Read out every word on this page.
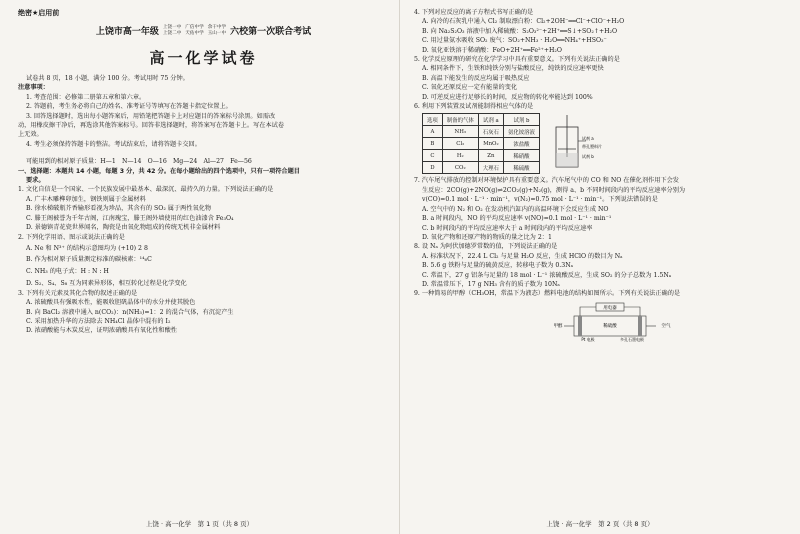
绝密★启用前
上饶市高一年级 上饶一中 广信中学 余干中学
上饶二中 天佑中学 玉山一中 六校第一次联合考试
高一化学试卷
试卷共 8 页，18 小题，满分 100 分。考试用时 75 分钟。
注意事项：
1. 考查范围：必修第二册第五章和第六章。
2. 答题前，考生务必将自己的姓名、准考证号等填写在答题卡指定位置上。
3. 回答选择题时，选出每小题答案后，用铅笔把答题卡上对应题目的答案标号涂黑。如需改
动，用橡皮擦干净后，再选涂其他答案标号。回答非选择题时，将答案写在答题卡上。写在本试卷
上无效。
4. 考生必须保持答题卡的整洁。考试结束后，请将答题卡交回。
可能用到的相对原子质量：H—1　N—14　O—16　Mg—24　Al—27　Fe—56
一、选择题：本题共 14 小题，每题 3 分，共 42 分。在每小题给出的四个选项中，只有一项符合题目
要求。
1. 文化自信是一个国家、一个民族发展中最基本、最深沉、最持久的力量。下列说法正确的是
A. 广丰木雕榫卯加生，钢铁则属于金属材料
B. 徐水梯破瓶芥香输形看视为珍品，其含有的 SO₂ 属于两性氧化物
C. 滕王阁被誉为千年古阁，江南瑰宝，滕王阁外墙使用的红色油漆含 Fe₃O₄
D. 景德镇青花瓷世界闻名，陶瓷是由氧化物组成的传统无机非金属材料
2. 下列化学用语、图示或说法正确的是
A. Ne 和 N³⁺ 的结构示意图均为 (+10) 2 8
B. 作为相对原子质量测定标准的碳核素：¹⁴₆C
C. NH₃ 的电子式：H : N : H
D. S₂、S₄、S₈ 互为同素异形体，相互转化过程是化学变化
3. 下列有关元素及其化合物的叙述正确的是
A. 浓硫酸具有强吸水性，能吸收胆矾晶体中的水分并使其脱色
B. 向 BaCl₂ 溶液中通入 n(CO₂)：n(NH₃)=1：2 的混合气体，有沉淀产生
C. 采用加热升华的方法除去 NH₄Cl 晶体中混有的 I₂
D. 浓硝酸能与木炭反应，证明浓硝酸具有氧化性和酸性
上饶 · 高一化学　第 1 页（共 8 页）
4. 下列对应反应的离子方程式书写正确的是
A. 向冷的石灰乳中通入 Cl₂ 制取漂白粉：Cl₂+2OH⁻══Cl⁻+ClO⁻+H₂O
B. 向 Na₂S₂O₃ 溶液中加入稀硫酸：S₂O₃²⁻+2H⁺══S↓+SO₂↑+H₂O
C. 用过量氨水吸收 SO₂ 废气：SO₂+NH₃ · H₂O══NH₄⁺+HSO₃⁻
D. 氧化亚铁溶于稀硝酸：FeO+2H⁺══Fe²⁺+H₂O
5. 化学反应原理的研究在化学学习中具有重要意义。下列有关说法正确的是
A. 相同条件下，生铁和纯铁分别与盐酸反应，纯铁的反应速率更快
B. 高温下能发生的反应均属于吸热反应
C. 氧化还原反应一定有能量的变化
D. 可逆反应进行足够长的时间，反应物的转化率能达到 100%
6. 利用下列装置及试剂能制得相应气体的是
选项	制备的气体	试剂 a	试剂 b
A	NH₃	石灰石	氨化铵溶液
B	Cl₂	MnO₂	浓盐酸
C	H₂	Zn	稀硝酸
D	CO₂	大理石	稀硫酸
试剂 a
带孔塑料片
试剂 b
7. 汽车尾气排放的控制对环境保护具有重要意义。汽车尾气中的 CO 和 NO 在催化剂作用下会发
生反应：2CO(g)+2NO(g)⇌2CO₂(g)+N₂(g)，测得 a、b 不同时间段内的平均反应速率分别为
v(CO)=0.1 mol · L⁻¹ · min⁻¹，v(N₂)=0.75 mol · L⁻¹ · min⁻¹。下列说法错误的是
A. 空气中的 N₂ 和 O₂ 在发动机汽缸内的高温环境下会反应生成 NO
B. a 时间段内，NO 的平均反应速率 v(NO)=0.1 mol · L⁻¹ · min⁻¹
C. b 时间段内的平均反应速率大于 a 时间段内的平均反应速率
D. 氧化产物和还原产物的物质的量之比为 2：1
8. 设 Nₐ 为阿伏加德罗常数的值，下列说法正确的是
A. 标准状况下，22.4 L Cl₂ 与足量 H₂O 反应，生成 HClO 的数目为 Nₐ
B. 5.6 g 铁粉与足量的硫黄反应，转移电子数为 0.3Nₐ
C. 常温下，27 g 铝条与足量的 18 mol · L⁻¹ 浓硫酸反应，生成 SO₂ 的分子总数为 1.5Nₐ
D. 常温常压下，17 g NH₃ 含有的质子数为 10Nₐ
9. 一种简易的甲醇（CH₃OH，常温下为液态）燃料电池的结构如图所示。下列有关说法正确的是
用电器
甲醇	稀硫酸	空气
Pt 电极	多孔石墨电极
上饶 · 高一化学　第 2 页（共 8 页）
